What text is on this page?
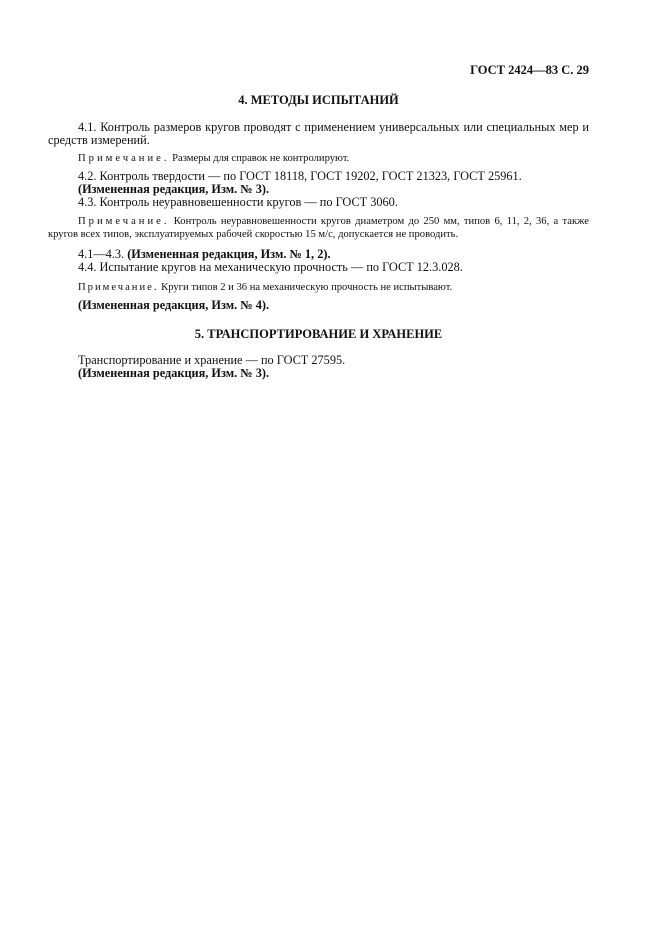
ГОСТ 2424—83 С. 29
4. МЕТОДЫ ИСПЫТАНИЙ
4.1. Контроль размеров кругов проводят с применением универсальных или специальных мер и средств измерений.
Примечание. Размеры для справок не контролируют.
4.2. Контроль твердости — по ГОСТ 18118, ГОСТ 19202, ГОСТ 21323, ГОСТ 25961.
(Измененная редакция, Изм. № 3).
4.3. Контроль неуравновешенности кругов — по ГОСТ 3060.
Примечание. Контроль неуравновешенности кругов диаметром до 250 мм, типов 6, 11, 2, 36, а также кругов всех типов, эксплуатируемых рабочей скоростью 15 м/с, допускается не проводить.
4.1—4.3. (Измененная редакция, Изм. № 1, 2).
4.4. Испытание кругов на механическую прочность — по ГОСТ 12.3.028.
Примечание. Круги типов 2 и 36 на механическую прочность не испытывают.
(Измененная редакция, Изм. № 4).
5. ТРАНСПОРТИРОВАНИЕ И ХРАНЕНИЕ
Транспортирование и хранение — по ГОСТ 27595.
(Измененная редакция, Изм. № 3).
